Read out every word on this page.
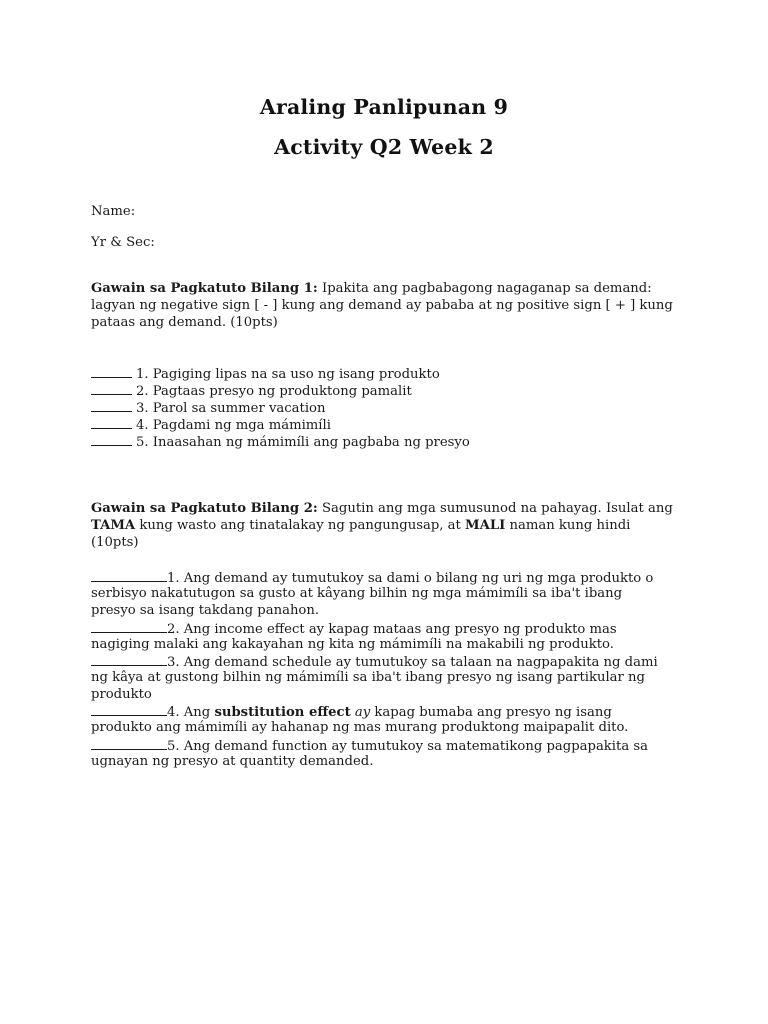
Araling Panlipunan 9
Activity Q2 Week 2
Name:
Yr & Sec:
Gawain sa Pagkatuto Bilang 1: Ipakita ang pagbabagong nagaganap sa demand:
lagyan ng negative sign [ - ] kung ang demand ay pababa at ng positive sign [ + ] kung
pataas ang demand. (10pts)
1. Pagiging lipas na sa uso ng isang produkto
2. Pagtaas presyo ng produktong pamalit
3. Parol sa summer vacation
4. Pagdami ng mga mámimíli
5. Inaasahan ng mámimíli ang pagbaba ng presyo
Gawain sa Pagkatuto Bilang 2: Sagutin ang mga sumusunod na pahayag. Isulat ang
TAMA kung wasto ang tinatalakay ng pangungusap, at MALI naman kung hindi
(10pts)
1. Ang demand ay tumutukoy sa dami o bilang ng uri ng mga produkto o
serbisyo nakatutugon sa gusto at kâyang bilhin ng mga mámimíli sa iba't ibang
presyo sa isang takdang panahon.
2. Ang income effect ay kapag mataas ang presyo ng produkto mas
nagiging malaki ang kakayahan ng kita ng mámimíli na makabili ng produkto.
3. Ang demand schedule ay tumutukoy sa talaan na nagpapakita ng dami
ng kâya at gustong bilhin ng mámimíli sa iba't ibang presyo ng isang partikular ng
produkto
4. Ang substitution effect ay kapag bumaba ang presyo ng isang
produkto ang mámimíli ay hahanap ng mas murang produktong maipapalit dito.
5. Ang demand function ay tumutukoy sa matematikong pagpapakita sa
ugnayan ng presyo at quantity demanded.
